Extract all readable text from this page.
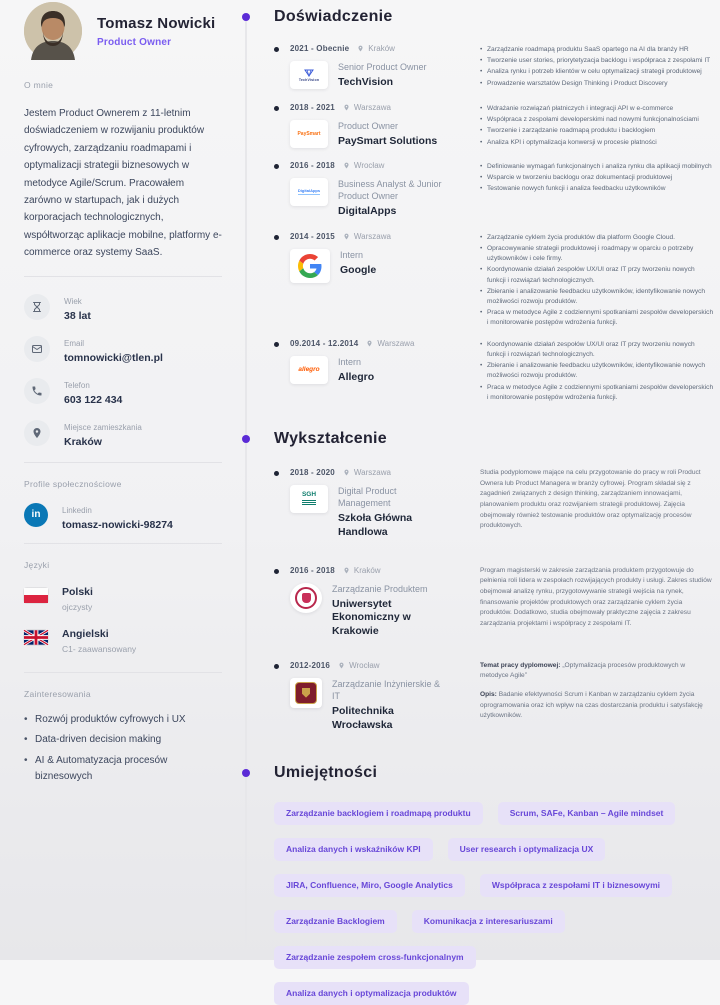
Tomasz Nowicki
Product Owner
O mnie

Jestem Product Ownerem z 11-letnim doświadczeniem w rozwijaniu produktów cyfrowych, zarządzaniu roadmapami i optymalizacji strategii biznesowych w metodyce Agile/Scrum. Pracowałem zarówno w startupach, jak i dużych korporacjach technologicznych, współtworząc aplikacje mobilne, platformy e-commerce oraz systemy SaaS.

Wiek
38 lat
Email
tomnowicki@tlen.pl
Telefon
603 122 434
Miejsce zamieszkania
Kraków
Profile społecznościowe
in	Linkedin
tomasz-nowicki-98274
Języki
Polski
ojczysty
Angielski
C1- zaawansowany
Zainteresowania
• Rozwój produktów cyfrowych i UX
• Data-driven decision making
• AI & Automatyzacja procesów biznesowych
Doświadczenie
2021 - Obecnie Kraków
TechVision
Senior Product Owner
TechVision
• Zarządzanie roadmapą produktu SaaS opartego na AI dla branży HR
• Tworzenie user stories, priorytetyzacja backlogu i współpraca z zespołami IT
• Analiza rynku i potrzeb klientów w celu optymalizacji strategii produktowej
• Prowadzenie warsztatów Design Thinking i Product Discovery
2018 - 2021 Warszawa
PaySmart
Product Owner
PaySmart Solutions
• Wdrażanie rozwiązań płatniczych i integracji API w e-commerce
• Współpraca z zespołami developerskimi nad nowymi funkcjonalnościami
• Tworzenie i zarządzanie roadmapą produktu i backlogiem
• Analiza KPI i optymalizacja konwersji w procesie płatności
2016 - 2018 Wrocław
DigitalApps
Business Analyst & Junior Product Owner
DigitalApps
• Definiowanie wymagań funkcjonalnych i analiza rynku dla aplikacji mobilnych
• Wsparcie w tworzeniu backlogu oraz dokumentacji produktowej
• Testowanie nowych funkcji i analiza feedbacku użytkowników
2014 - 2015 Warszawa
Intern
Google
• Zarządzanie cyklem życia produktów dla platform Google Cloud.
• Opracowywanie strategii produktowej i roadmapy w oparciu o potrzeby użytkowników i cele firmy.
• Koordynowanie działań zespołów UX/UI oraz IT przy tworzeniu nowych funkcji i rozwiązań technologicznych.
• Zbieranie i analizowanie feedbacku użytkowników, identyfikowanie nowych możliwości rozwoju produktów.
• Praca w metodyce Agile z codziennymi spotkaniami zespołów developerskich i monitorowanie postępów wdrożenia funkcji.
09.2014 - 12.2014 Warszawa
allegro
Intern
Allegro
• Koordynowanie działań zespołów UX/UI oraz IT przy tworzeniu nowych funkcji i rozwiązań technologicznych.
• Zbieranie i analizowanie feedbacku użytkowników, identyfikowanie nowych możliwości rozwoju produktów.
• Praca w metodyce Agile z codziennymi spotkaniami zespołów developerskich i monitorowanie postępów wdrożenia funkcji.
Wykształcenie
2018 - 2020 Warszawa
SGH Digital Product Management
Szkoła Główna Handlowa

Studia podyplomowe mające na celu przygotowanie do pracy w roli Product Ownera lub Product Managera w branży cyfrowej. Program składał się z zagadnień związanych z design thinking, zarządzaniem innowacjami, planowaniem produktu oraz rozwijaniem strategii produktowej. Zajęcia obejmowały również testowanie produktów oraz optymalizację procesów produktowych.

2016 - 2018 Kraków
Zarządzanie Produktem
Uniwersytet Ekonomiczny w Krakowie

Program magisterski w zakresie zarządzania produktem przygotowuje do pełnienia roli lidera w zespołach rozwijających produkty i usługi. Zakres studiów obejmował analizę rynku, przygotowywanie strategii wejścia na rynek, finansowanie projektów produktowych oraz zarządzanie cyklem życia produktów. Dodatkowo, studia obejmowały praktyczne zajęcia z zakresu zarządzania projektami i współpracy z zespołami IT.

2012-2016 Wrocław
Zarządzanie Inżynierskie & IT
Politechnika Wrocławska

Temat pracy dyplomowej: „Optymalizacja procesów produktowych w metodyce Agile”

Opis: Badanie efektywności Scrum i Kanban w zarządzaniu cyklem życia oprogramowania oraz ich wpływ na czas dostarczania produktu i satysfakcję użytkowników.

Umiejętności
Zarządzanie backlogiem i roadmapą produktu	Scrum, SAFe, Kanban – Agile mindset
Analiza danych i wskaźników KPI	User research i optymalizacja UX
JIRA, Confluence, Miro, Google Analytics	Współpraca z zespołami IT i biznesowymi
Zarządzanie Backlogiem	Komunikacja z interesariuszami
Zarządzanie zespołem cross-funkcjonalnym
Analiza danych i optymalizacja produktów
